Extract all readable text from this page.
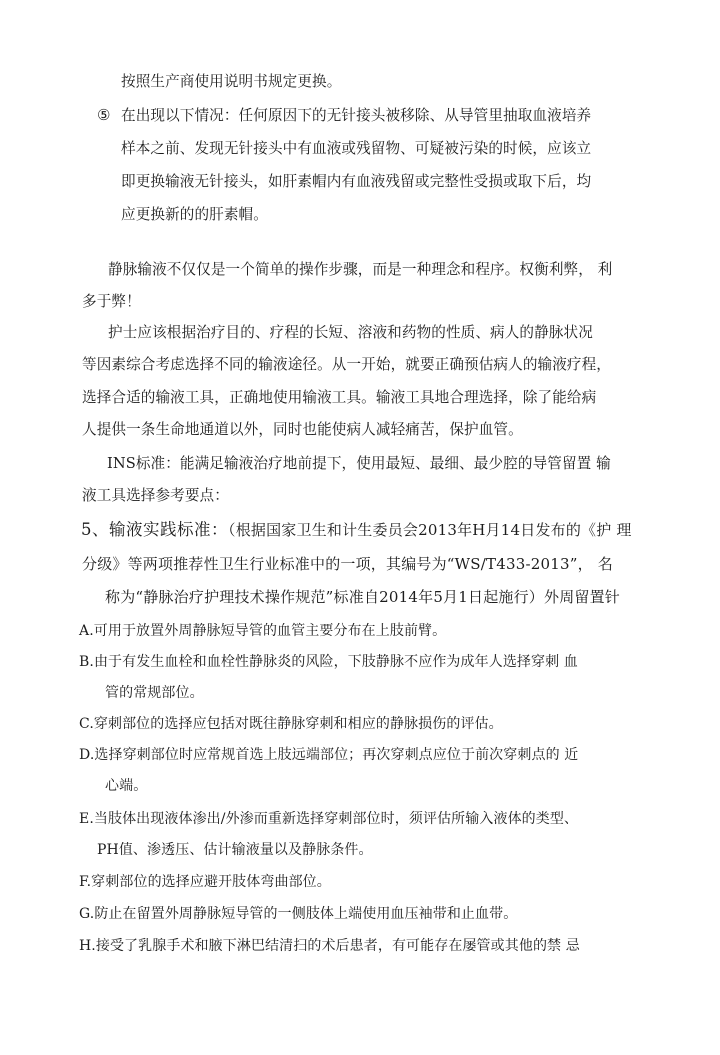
按照生产商使用说明书规定更换。
⑤ 在出现以下情况：任何原因下的无针接头被移除、从导管里抽取血液培养
样本之前、发现无针接头中有血液或残留物、可疑被污染的时候，应该立
即更换输液无针接头，如肝素帽内有血液残留或完整性受损或取下后，均
应更换新的的肝素帽。
静脉输液不仅仅是一个简单的操作步骤，而是一种理念和程序。权衡利弊， 利
多于弊！
护士应该根据治疗目的、疗程的长短、溶液和药物的性质、病人的静脉状况
等因素综合考虑选择不同的输液途径。从一开始，就要正确预估病人的输液疗程，
选择合适的输液工具，正确地使用输液工具。输液工具地合理选择，除了能给病
人提供一条生命地通道以外，同时也能使病人减轻痛苦，保护血管。
INS标准：能满足输液治疗地前提下，使用最短、最细、最少腔的导管留置 输
液工具选择参考要点：
5、输液实践标准：（根据国家卫生和计生委员会2013年H月14日发布的《护 理
分级》等两项推荐性卫生行业标准中的一项，其编号为“WS/T433-2013”， 名
称为“静脉治疗护理技术操作规范”标准自2014年5月1日起施行）外周留置针
A.可用于放置外周静脉短导管的血管主要分布在上肢前臂。
B.由于有发生血栓和血栓性静脉炎的风险，下肢静脉不应作为成年人选择穿刺 血
管的常规部位。
C.穿刺部位的选择应包括对既往静脉穿刺和相应的静脉损伤的评估。
D.选择穿刺部位时应常规首选上肢远端部位；再次穿刺点应位于前次穿刺点的 近
心端。
E.当肢体出现液体渗出/外渗而重新选择穿刺部位时，须评估所输入液体的类型、
PH值、渗透压、估计输液量以及静脉条件。
F.穿刺部位的选择应避开肢体弯曲部位。
G.防止在留置外周静脉短导管的一侧肢体上端使用血压袖带和止血带。
H.接受了乳腺手术和腋下淋巴结清扫的术后患者，有可能存在屡管或其他的禁 忌
